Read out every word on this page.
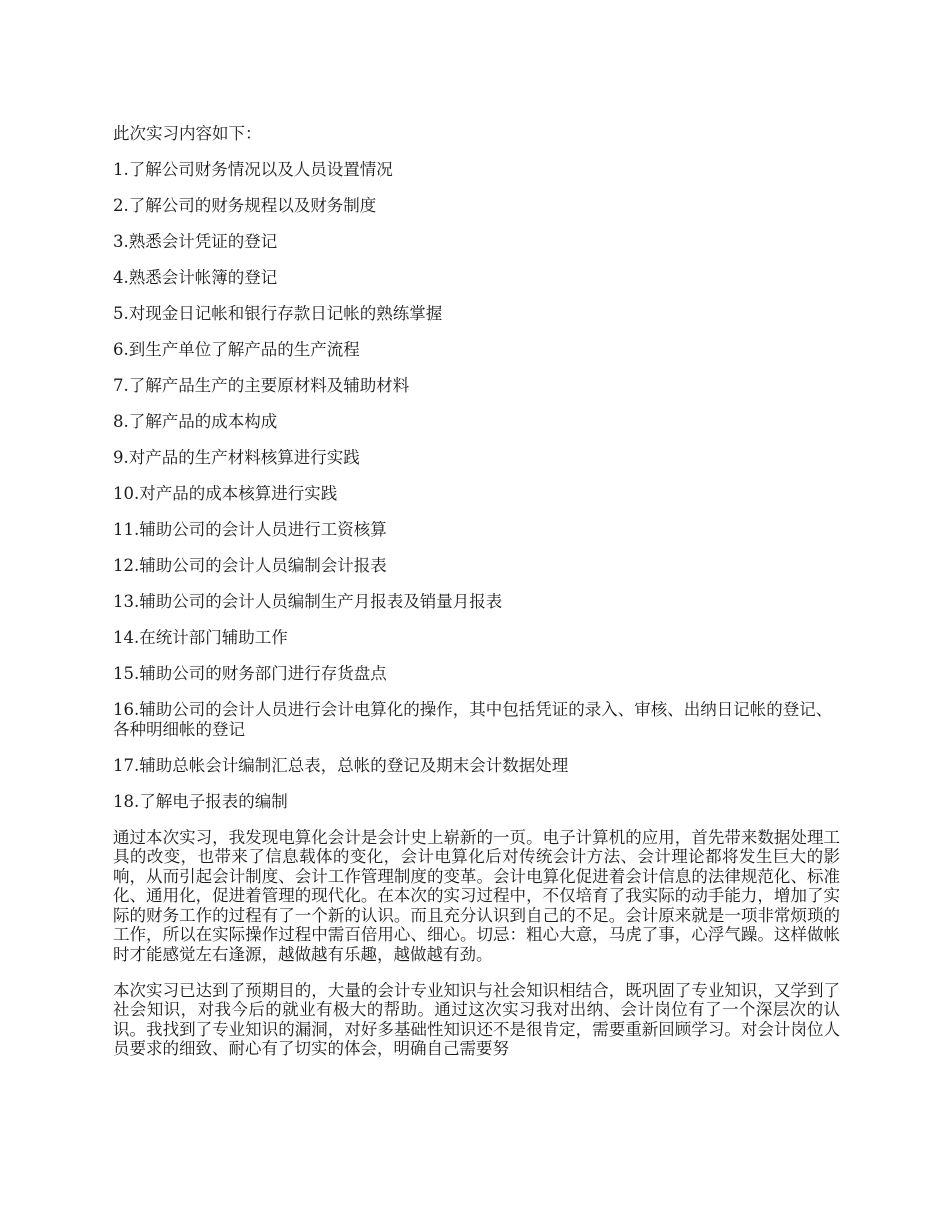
此次实习内容如下：

1.了解公司财务情况以及人员设置情况
2.了解公司的财务规程以及财务制度
3.熟悉会计凭证的登记
4.熟悉会计帐簿的登记
5.对现金日记帐和银行存款日记帐的熟练掌握
6.到生产单位了解产品的生产流程
7.了解产品生产的主要原材料及辅助材料
8.了解产品的成本构成
9.对产品的生产材料核算进行实践
10.对产品的成本核算进行实践
11.辅助公司的会计人员进行工资核算
12.辅助公司的会计人员编制会计报表
13.辅助公司的会计人员编制生产月报表及销量月报表
14.在统计部门辅助工作
15.辅助公司的财务部门进行存货盘点
16.辅助公司的会计人员进行会计电算化的操作，其中包括凭证的录入、审核、出纳日记帐的登记、各种明细帐的登记
17.辅助总帐会计编制汇总表，总帐的登记及期末会计数据处理
18.了解电子报表的编制

通过本次实习，我发现电算化会计是会计史上崭新的一页。电子计算机的应用，首先带来数据处理工具的改变，也带来了信息载体的变化，会计电算化后对传统会计方法、会计理论都将发生巨大的影响，从而引起会计制度、会计工作管理制度的变革。会计电算化促进着会计信息的法律规范化、标准化、通用化，促进着管理的现代化。在本次的实习过程中，不仅培育了我实际的动手能力，增加了实际的财务工作的过程有了一个新的认识。而且充分认识到自己的不足。会计原来就是一项非常烦琐的工作，所以在实际操作过程中需百倍用心、细心。切忌：粗心大意，马虎了事，心浮气躁。这样做帐时才能感觉左右逢源，越做越有乐趣，越做越有劲。

本次实习已达到了预期目的，大量的会计专业知识与社会知识相结合，既巩固了专业知识，又学到了社会知识，对我今后的就业有极大的帮助。通过这次实习我对出纳、会计岗位有了一个深层次的认识。我找到了专业知识的漏洞，对好多基础性知识还不是很肯定，需要重新回顾学习。对会计岗位人员要求的细致、耐心有了切实的体会，明确自己需要努
